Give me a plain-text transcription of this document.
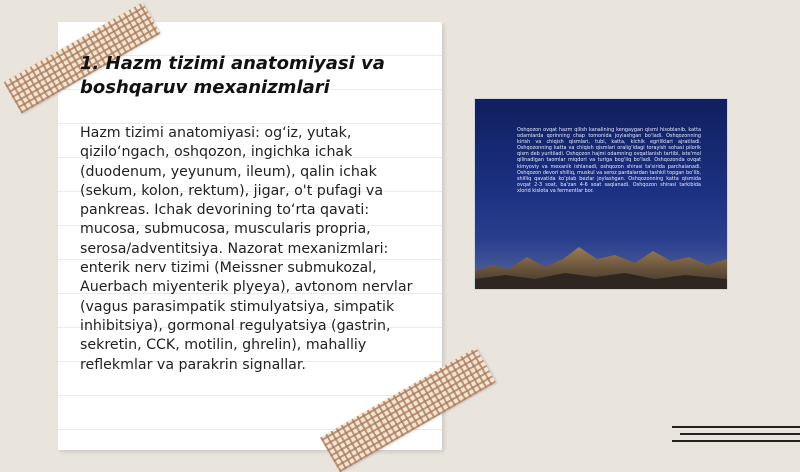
1. Hazm tizimi anatomiyasi va boshqaruv mexanizmlari
Hazm tizimi anatomiyasi: og‘iz, yutak, qizilo‘ngach, oshqozon, ingichka ichak (duodenum, yeyunum, ileum), qalin ichak (sekum, kolon, rektum), jigar, o't pufagi va pankreas. Ichak devorining to‘rta qavati: mucosa, submucosa, muscularis propria, serosa/adventitsiya. Nazorat mexanizmlari: enterik nerv tizimi (Meissner submukozal, Auerbach miyenterik plyeya), avtonom nervlar (vagus parasimpatik stimulyatsiya, simpatik inhibitsiya), gormonal regulyatsiya (gastrin, sekretin, CCK, motilin, ghrelin), mahalliy reflekmlar va parakrin signallar.
Oshqozon ovqat hazm qilish kanalining kengaygan qismi hisoblanib, katta odamlarda qorinning chap tomonida joylashgan bo‘ladi. Oshqozonning kirish va chiqish qismlari, tubi, katta, kichik egriliklari ajratiladi. Oshqozonning katta va chiqish qismlari oralig‘idagi torayish sohasi pilorik qism deb yuritiladi. Oshqozon hajmi odamning ovqatlanish tartibi, iste'mol qilinadigan taomlar miqdori va turiga bog‘liq bo‘ladi. Oshqozonda ovqat kimyoviy va mexanik ishlanadi, oshqozon shirasi ta'sirida parchalanadi. Oshqozon devori shilliq, muskul va seroz pardalardan tashkil topgan bo‘lib, shilliq qavatida ko‘plab bezlar joylashgan. Oshqozonning katta qismida ovqat 2-3 soat, ba'zan 4-6 soat saqlanadi. Oshqozon shirasi tarkibida xlorid kislota va fermentlar bor.
